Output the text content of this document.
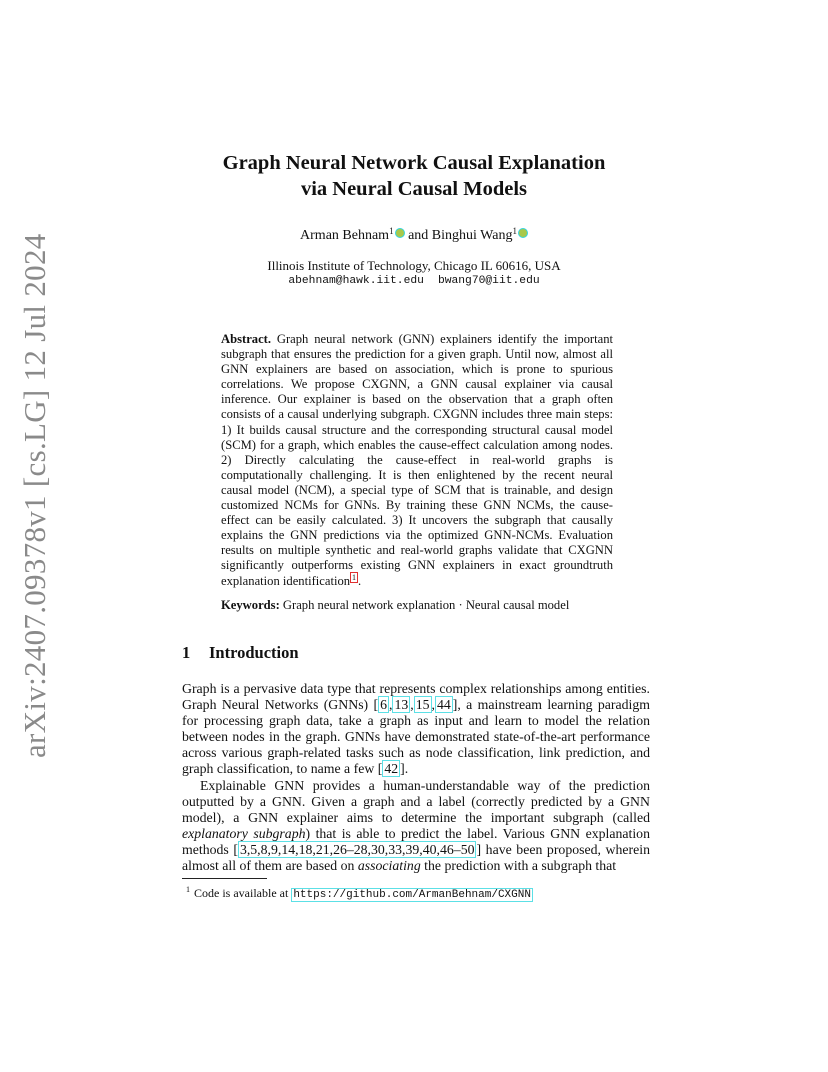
arXiv:2407.09378v1 [cs.LG] 12 Jul 2024
Graph Neural Network Causal Explanation
via Neural Causal Models
Arman Behnam$^1$ and Binghui Wang$^1$
Illinois Institute of Technology, Chicago IL 60616, USA
abehnam@hawk.iit.edu bwang70@iit.edu
Abstract. Graph neural network (GNN) explainers identify the important subgraph that ensures the prediction for a given graph. Until now, almost all GNN explainers are based on association, which is prone to spurious correlations. We propose CXGNN, a GNN causal explainer via causal inference. Our explainer is based on the observation that a graph often consists of a causal underlying subgraph. CXGNN includes three main steps: 1) It builds causal structure and the corresponding structural causal model (SCM) for a graph, which enables the cause-effect calculation among nodes. 2) Directly calculating the cause-effect in real-world graphs is computationally challenging. It is then enlightened by the recent neural causal model (NCM), a special type of SCM that is trainable, and design customized NCMs for GNNs. By training these GNN NCMs, the cause-effect can be easily calculated. 3) It uncovers the subgraph that causally explains the GNN predictions via the optimized GNN-NCMs. Evaluation results on multiple synthetic and real-world graphs validate that CXGNN significantly outperforms existing GNN explainers in exact groundtruth explanation identification $^1$ .
Keywords: Graph neural network explanation · Neural causal model
1 Introduction

Graph is a pervasive data type that represents complex relationships among entities. Graph Neural Networks (GNNs) [ 6 , 13 , 15 , 44 ], a mainstream learning paradigm for processing graph data, take a graph as input and learn to model the relation between nodes in the graph. GNNs have demonstrated state-of-the-art performance across various graph-related tasks such as node classification, link prediction, and graph classification, to name a few [ 42 ].

Explainable GNN provides a human-understandable way of the prediction outputted by a GNN. Given a graph and a label (correctly predicted by a GNN model), a GNN explainer aims to determine the important subgraph (called explanatory subgraph) that is able to predict the label. Various GNN explanation methods [ 3,5,8,9,14,18,21,26–28,30,33,39,40,46–50 ] have been proposed, wherein almost all of them are based on associating the prediction with a subgraph that

$^1$ Code is available at https://github.com/ArmanBehnam/CXGNN
